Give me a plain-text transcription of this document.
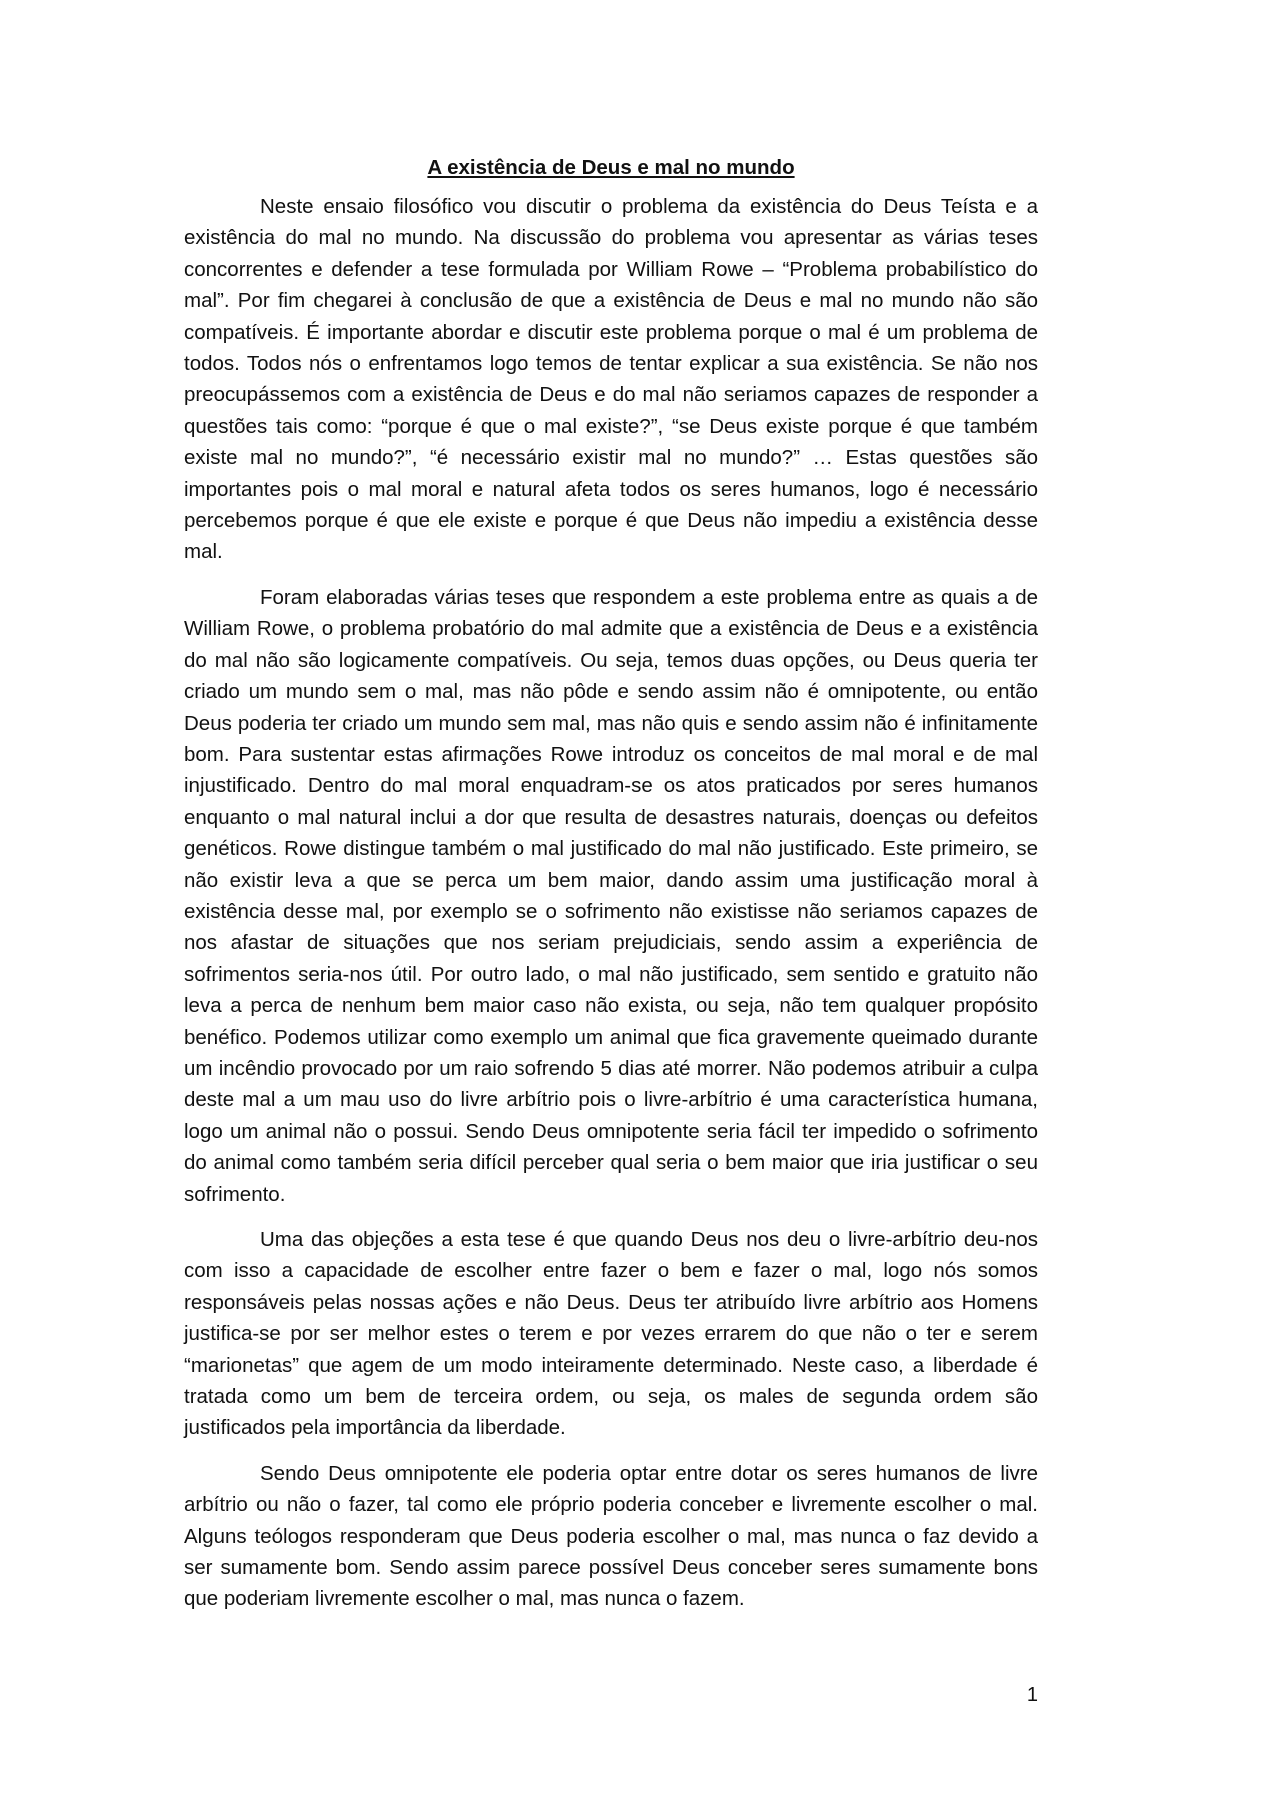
A existência de Deus e mal no mundo

Neste ensaio filosófico vou discutir o problema da existência do Deus Teísta e a existência do mal no mundo. Na discussão do problema vou apresentar as várias teses concorrentes e defender a tese formulada por William Rowe – “Problema probabilístico do mal”. Por fim chegarei à conclusão de que a existência de Deus e mal no mundo não são compatíveis. É importante abordar e discutir este problema porque o mal é um problema de todos. Todos nós o enfrentamos logo temos de tentar explicar a sua existência. Se não nos preocupássemos com a existência de Deus e do mal não seriamos capazes de responder a questões tais como: “porque é que o mal existe?”, “se Deus existe porque é que também existe mal no mundo?”, “é necessário existir mal no mundo?” … Estas questões são importantes pois o mal moral e natural afeta todos os seres humanos, logo é necessário percebemos porque é que ele existe e porque é que Deus não impediu a existência desse mal.

Foram elaboradas várias teses que respondem a este problema entre as quais a de William Rowe, o problema probatório do mal admite que a existência de Deus e a existência do mal não são logicamente compatíveis. Ou seja, temos duas opções, ou Deus queria ter criado um mundo sem o mal, mas não pôde e sendo assim não é omnipotente, ou então Deus poderia ter criado um mundo sem mal, mas não quis e sendo assim não é infinitamente bom. Para sustentar estas afirmações Rowe introduz os conceitos de mal moral e de mal injustificado. Dentro do mal moral enquadram-se os atos praticados por seres humanos enquanto o mal natural inclui a dor que resulta de desastres naturais, doenças ou defeitos genéticos. Rowe distingue também o mal justificado do mal não justificado. Este primeiro, se não existir leva a que se perca um bem maior, dando assim uma justificação moral à existência desse mal, por exemplo se o sofrimento não existisse não seriamos capazes de nos afastar de situações que nos seriam prejudiciais, sendo assim a experiência de sofrimentos seria-nos útil. Por outro lado, o mal não justificado, sem sentido e gratuito não leva a perca de nenhum bem maior caso não exista, ou seja, não tem qualquer propósito benéfico. Podemos utilizar como exemplo um animal que fica gravemente queimado durante um incêndio provocado por um raio sofrendo 5 dias até morrer. Não podemos atribuir a culpa deste mal a um mau uso do livre arbítrio pois o livre-arbítrio é uma característica humana, logo um animal não o possui. Sendo Deus omnipotente seria fácil ter impedido o sofrimento do animal como também seria difícil perceber qual seria o bem maior que iria justificar o seu sofrimento.

Uma das objeções a esta tese é que quando Deus nos deu o livre-arbítrio deu-nos com isso a capacidade de escolher entre fazer o bem e fazer o mal, logo nós somos responsáveis pelas nossas ações e não Deus. Deus ter atribuído livre arbítrio aos Homens justifica-se por ser melhor estes o terem e por vezes errarem do que não o ter e serem “marionetas” que agem de um modo inteiramente determinado. Neste caso, a liberdade é tratada como um bem de terceira ordem, ou seja, os males de segunda ordem são justificados pela importância da liberdade.

Sendo Deus omnipotente ele poderia optar entre dotar os seres humanos de livre arbítrio ou não o fazer, tal como ele próprio poderia conceber e livremente escolher o mal. Alguns teólogos responderam que Deus poderia escolher o mal, mas nunca o faz devido a ser sumamente bom. Sendo assim parece possível Deus conceber seres sumamente bons que poderiam livremente escolher o mal, mas nunca o fazem.

1
